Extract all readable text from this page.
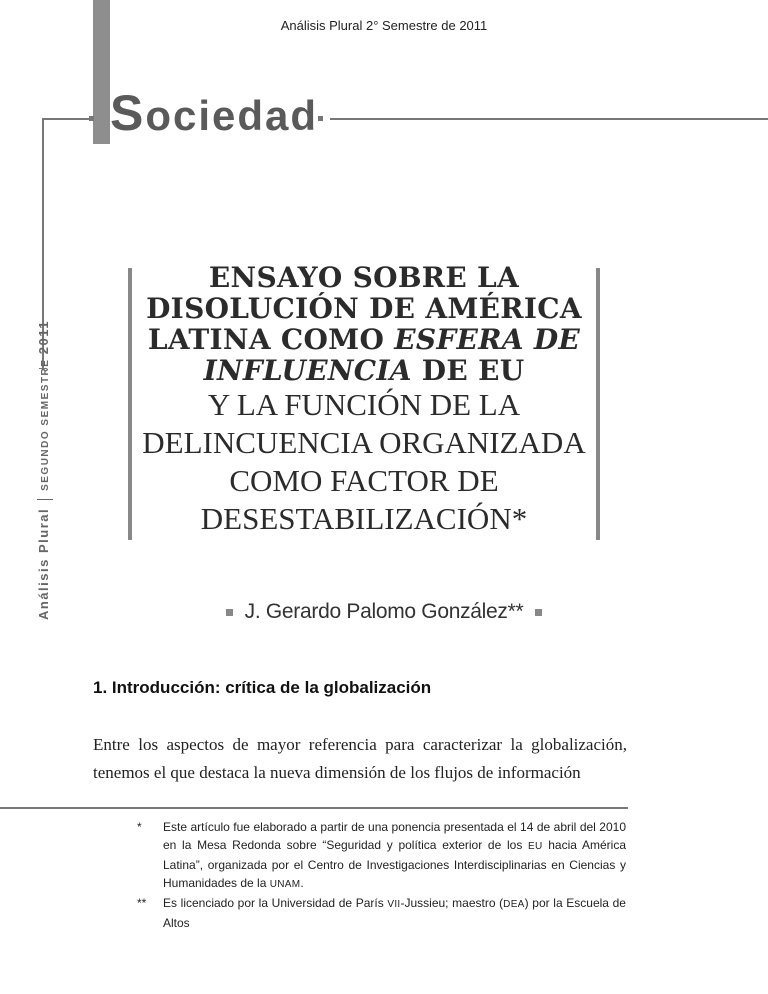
Análisis Plural 2° Semestre de 2011
Sociedad
Análisis PluralSEGUNDO SEMESTRE 2011
ENSAYO SOBRE LA
DISOLUCIÓN DE AMÉRICA
LATINA COMO ESFERA DE
INFLUENCIA DE EU
Y LA FUNCIÓN DE LA
DELINCUENCIA ORGANIZADA
COMO FACTOR DE
DESESTABILIZACIÓN*
J. Gerardo Palomo González**
1. Introducción: crítica de la globalización
Entre los aspectos de mayor referencia para caracterizar la globalización, tenemos el que destaca la nueva dimensión de los flujos de información
*	Este artículo fue elaborado a partir de una ponencia presentada el 14 de abril del 2010 en la Mesa Redonda sobre “Seguridad y política exterior de los EU hacia América Latina”, organizada por el Centro de Investigaciones Interdisciplinarias en Ciencias y Humanidades de la UNAM.
**	Es licenciado por la Universidad de París VII-Jussieu; maestro (DEA) por la Escuela de Altos
